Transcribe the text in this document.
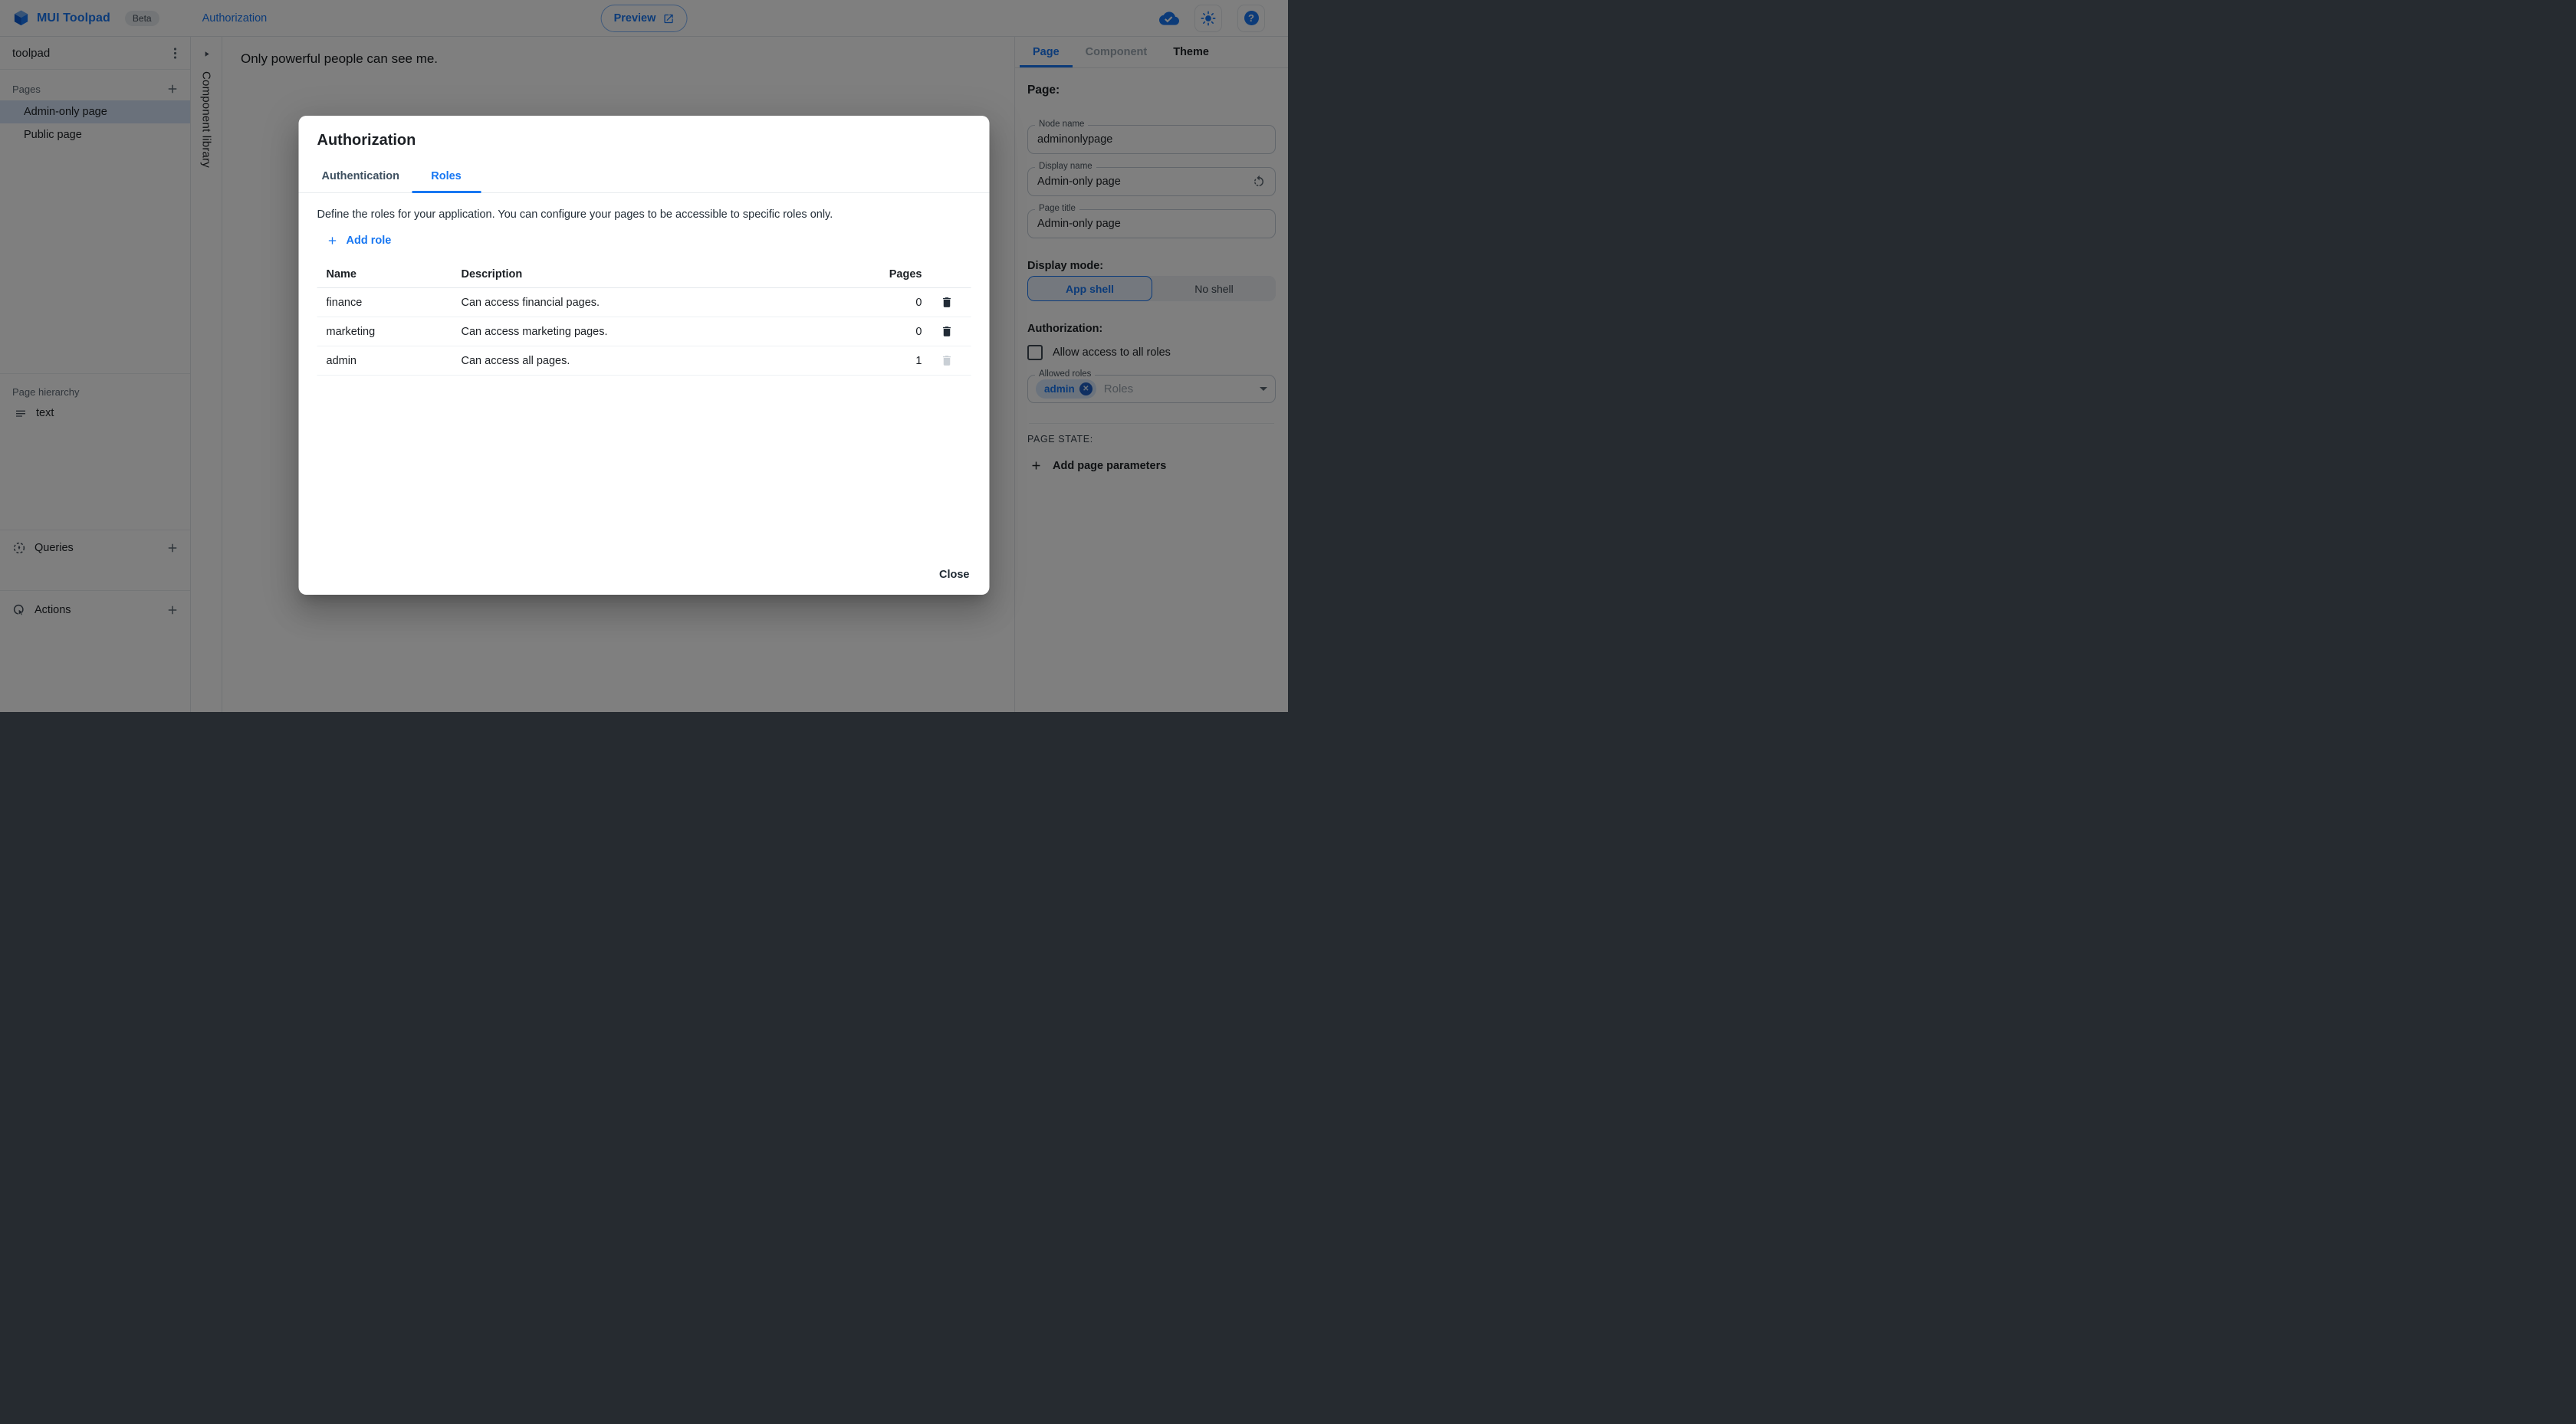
Authorization
Authentication	Roles
Define the roles for your application. You can configure your pages to be accessible to specific roles only.
Add role
Name	Description	Pages
finance	Can access financial pages.	0
marketing	Can access marketing pages.	0
admin	Can access all pages.	1
Close
